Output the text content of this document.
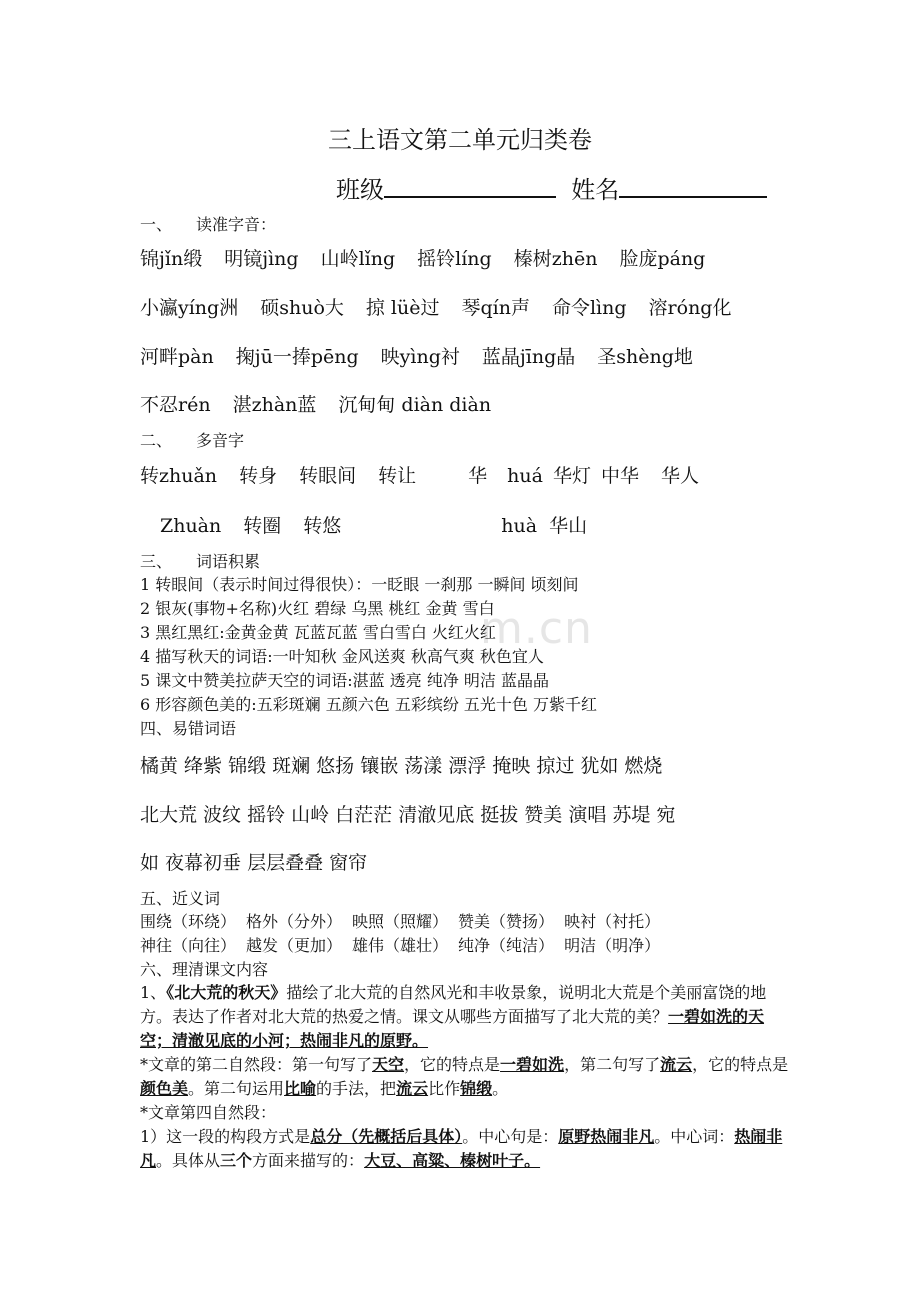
m.cn
三上语文第二单元归类卷
班级	姓名
一、 读准字音：
锦jǐn缎 明镜jìng 山岭lǐng 摇铃líng 榛树zhēn 脸庞páng
小瀛yíng洲 硕shuò大 掠 lüè过 琴qín声 命令lìng 溶róng化
河畔pàn 掬jū一捧pēng 映yìng衬 蓝晶jīng晶 圣shèng地
不忍rén 湛zhàn蓝 沉甸甸 diàn diàn
二、 多音字
转zhuǎn 转身 转眼间 转让	华 huá 华灯 中华 华人
Zhuàn 转圈 转悠	huà 华山
三、 词语积累
1 转眼间（表示时间过得很快）：一眨眼 一刹那 一瞬间 顷刻间
2 银灰(事物+名称)火红 碧绿 乌黑 桃红 金黄 雪白
3 黑红黑红:金黄金黄 瓦蓝瓦蓝 雪白雪白 火红火红
4 描写秋天的词语:一叶知秋 金风送爽 秋高气爽 秋色宜人
5 课文中赞美拉萨天空的词语:湛蓝 透亮 纯净 明洁 蓝晶晶
6 形容颜色美的:五彩斑斓 五颜六色 五彩缤纷 五光十色 万紫千红
四、易错词语
橘黄 绛紫 锦缎 斑斓 悠扬 镶嵌 荡漾 漂浮 掩映 掠过 犹如 燃烧
北大荒 波纹 摇铃 山岭 白茫茫 清澈见底 挺拔 赞美 演唱 苏堤 宛
如 夜幕初垂 层层叠叠 窗帘
五、近义词
围绕（环绕） 格外（分外） 映照（照耀） 赞美（赞扬） 映衬（衬托）
神往（向往） 越发（更加） 雄伟（雄壮） 纯净（纯洁） 明洁（明净）
六、理清课文内容
1、《北大荒的秋天》描绘了北大荒的自然风光和丰收景象，说明北大荒是个美丽富饶的地方。表达了作者对北大荒的热爱之情。课文从哪些方面描写了北大荒的美？一碧如洗的天空；清澈见底的小河；热闹非凡的原野。
*文章的第二自然段：第一句写了天空，它的特点是一碧如洗，第二句写了流云，它的特点是颜色美。第二句运用比喻的手法，把流云比作锦缎。
*文章第四自然段：
1）这一段的构段方式是总分（先概括后具体）。中心句是：原野热闹非凡。中心词：热闹非凡。具体从三个方面来描写的：大豆、高粱、榛树叶子。
